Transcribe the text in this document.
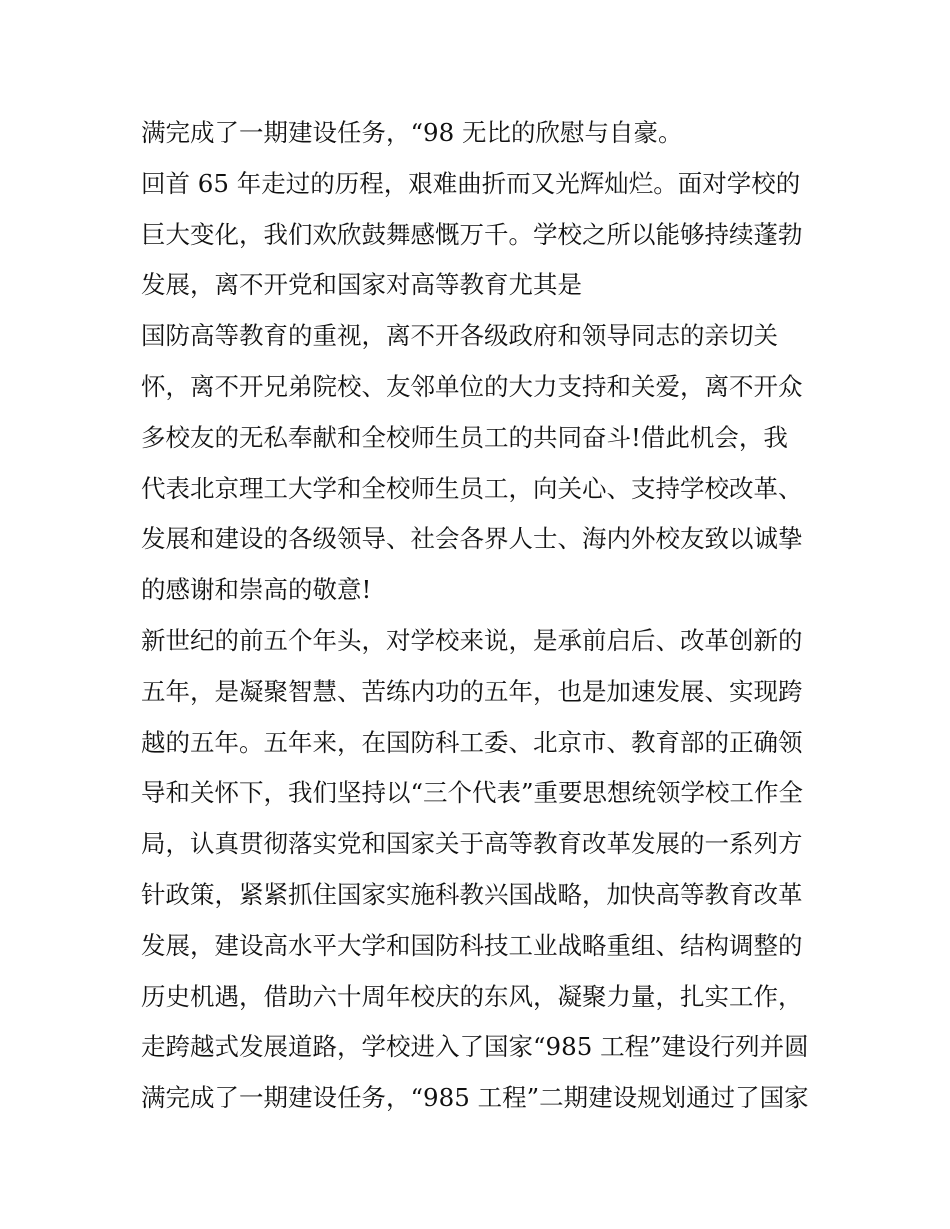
满完成了一期建设任务，“98 无比的欣慰与自豪。
回首 65 年走过的历程，艰难曲折而又光辉灿烂。面对学校的
巨大变化，我们欢欣鼓舞感慨万千。学校之所以能够持续蓬勃
发展，离不开党和国家对高等教育尤其是
国防高等教育的重视，离不开各级政府和领导同志的亲切关
怀，离不开兄弟院校、友邻单位的大力支持和关爱，离不开众
多校友的无私奉献和全校师生员工的共同奋斗!借此机会，我
代表北京理工大学和全校师生员工，向关心、支持学校改革、
发展和建设的各级领导、社会各界人士、海内外校友致以诚挚
的感谢和崇高的敬意!
新世纪的前五个年头，对学校来说，是承前启后、改革创新的
五年，是凝聚智慧、苦练内功的五年，也是加速发展、实现跨
越的五年。五年来，在国防科工委、北京市、教育部的正确领
导和关怀下，我们坚持以“三个代表”重要思想统领学校工作全
局，认真贯彻落实党和国家关于高等教育改革发展的一系列方
针政策，紧紧抓住国家实施科教兴国战略，加快高等教育改革
发展，建设高水平大学和国防科技工业战略重组、结构调整的
历史机遇，借助六十周年校庆的东风，凝聚力量，扎实工作，
走跨越式发展道路，学校进入了国家“985 工程”建设行列并圆
满完成了一期建设任务，“985 工程”二期建设规划通过了国家
